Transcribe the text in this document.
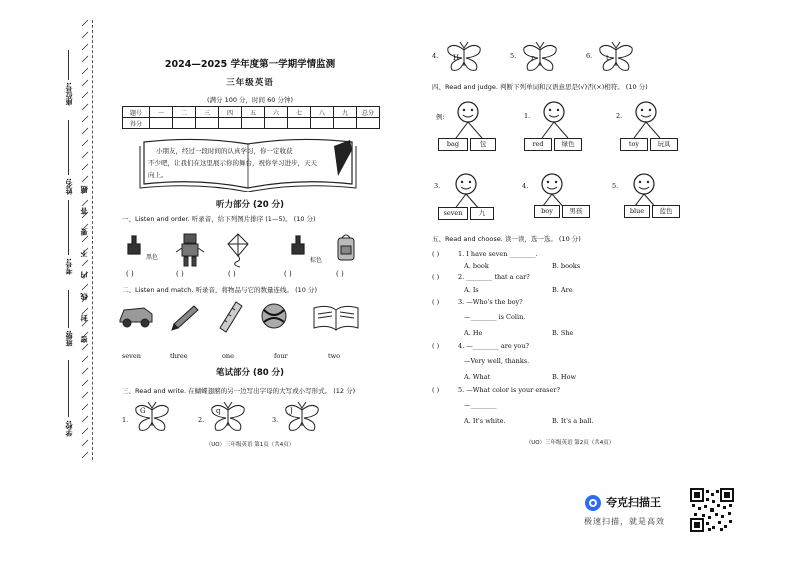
座位号:
姓名:
考号:
班级:
学校:
密 封 线 内 不 要 答 题
2024—2025 学年度第一学期学情监测
三年级英语
(满分 100 分，时间 60 分钟)
题号	一	二	三	四	五	六	七	八	九	总分
得分										
小朋友，经过一段时间的认真学习，你一定收获
不少吧，让我们在这里展示你的舞台，祝你学习进步，天天
向上。
听力部分 (20 分)
一、Listen and order. 听录音，给下列图片排序 (1—5)。 (10 分)
黑色	棕色
( )	( )	( )	( )	( )
二、Listen and match. 听录音，将物品与它的数量连线。 (10 分)
seven	three	one	four	two
笔试部分 (80 分)
三、Read and write. 在蝴蝶翅膀的另一边写出字母的大写或小写形式。 (12 分)
1.
G
2.
q
3.
J
（UO）三年级英语 第1页（共4页）
4. H	5. r	6. t
四、Read and judge. 判断下列单词和汉语意思是(√)否(×)相符。 (10 分)
例:
bag	包
1.
red	绿色
2.
toy	玩具
3.
seven	九
4.
boy	男孩
5.
blue	蓝色
五、Read and choose. 读一读，选一选。 (10 分)
( )	1. I have seven ________.
A. book	B. books
( )	2. ________ that a car?
A. Is	B. Are
( )	3. —Who's the boy?
—________ is Colin.
A. He	B. She
( )	4. —________ are you?
—Very well, thanks.
A. What	B. How
( )	5. —What color is your eraser?
—________
A. It's white.	B. It's a ball.
（UO）三年级英语 第2页（共4页）
夸克扫描王
极速扫描，就是高效
